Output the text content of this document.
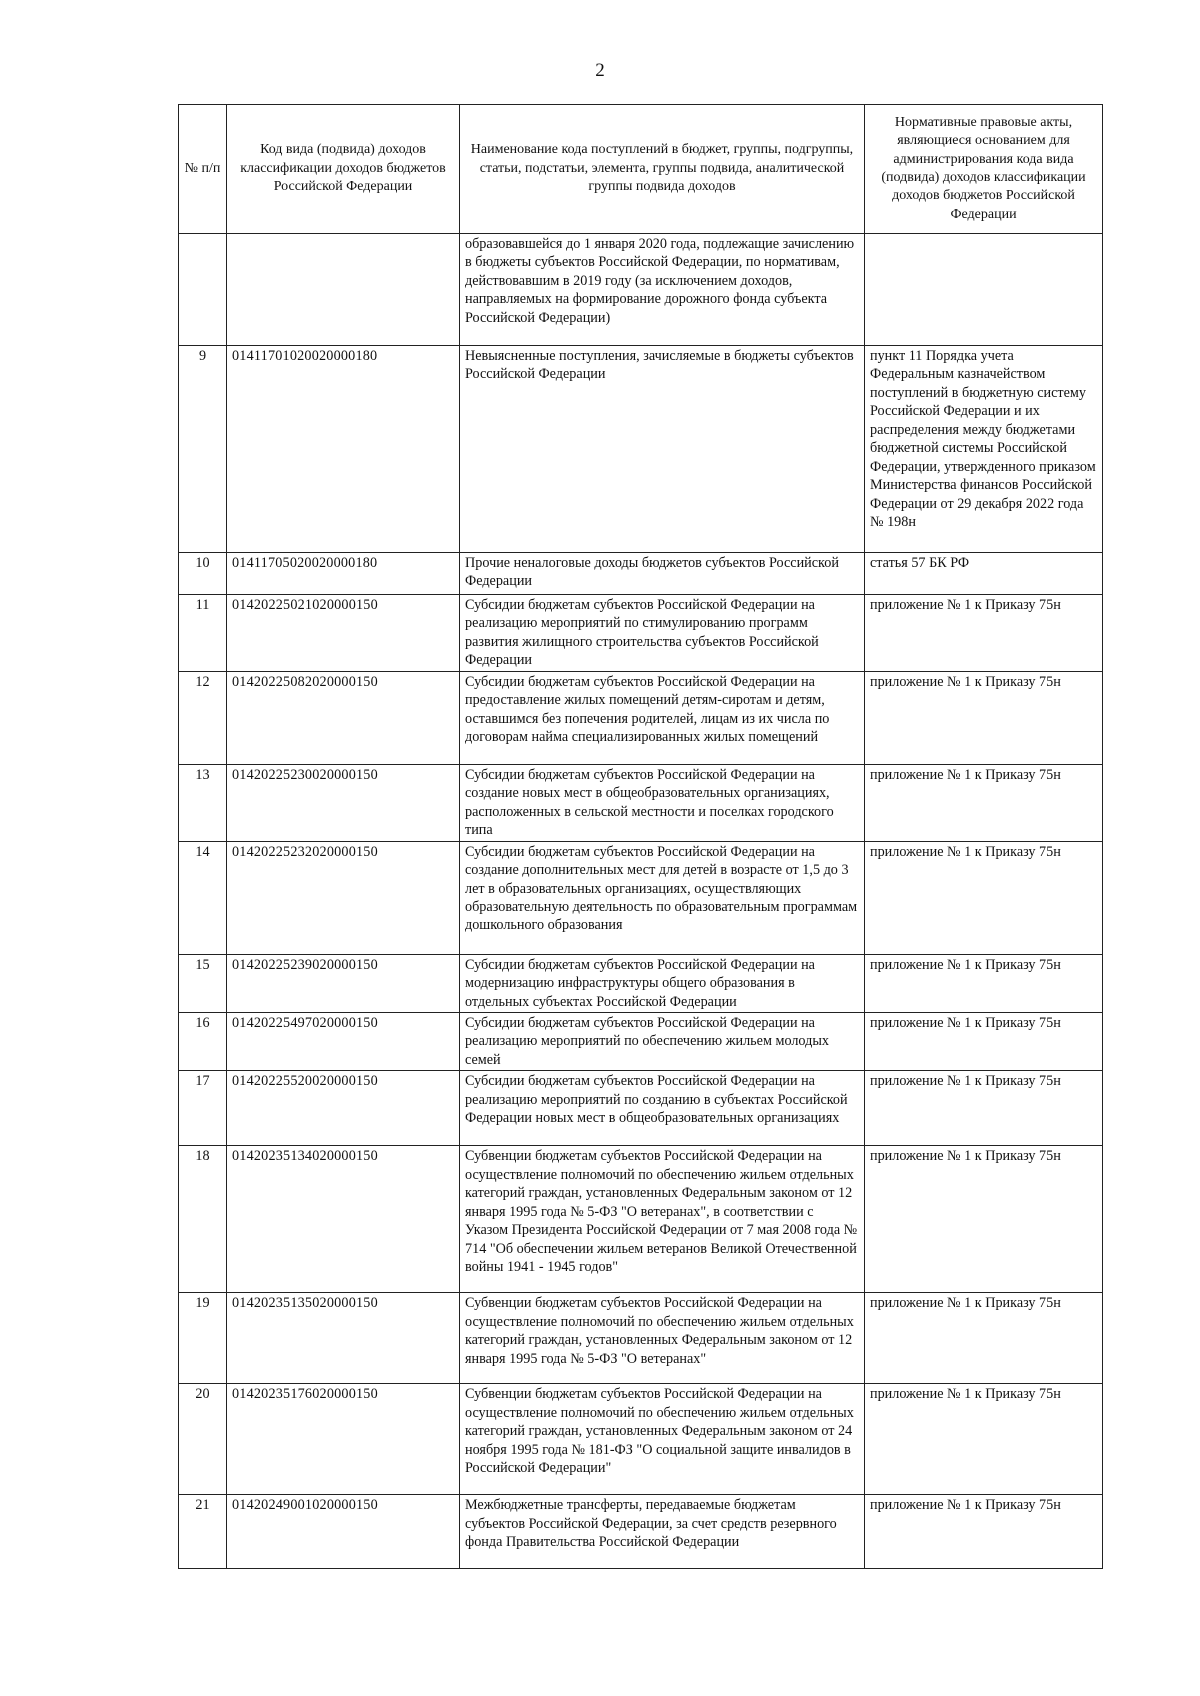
2
№ п/п	Код вида (подвида) доходов классификации доходов бюджетов Российской Федерации	Наименование кода поступлений в бюджет, группы, подгруппы, статьи, подстатьи, элемента, группы подвида, аналитической группы подвида доходов	Нормативные правовые акты, являющиеся основанием для администрирования кода вида (подвида) доходов классификации доходов бюджетов Российской Федерации
		образовавшейся до 1 января 2020 года, подлежащие зачислению в бюджеты субъектов Российской Федерации, по нормативам, действовавшим в 2019 году (за исключением доходов, направляемых на формирование дорожного фонда субъекта Российской Федерации)	
9	01411701020020000180	Невыясненные поступления, зачисляемые в бюджеты субъектов Российской Федерации	пункт 11 Порядка учета Федеральным казначейством поступлений в бюджетную систему Российской Федерации и их распределения между бюджетами бюджетной системы Российской Федерации, утвержденного приказом Министерства финансов Российской Федерации от 29 декабря 2022 года № 198н
10	01411705020020000180	Прочие неналоговые доходы бюджетов субъектов Российской Федерации	статья 57 БК РФ
11	01420225021020000150	Субсидии бюджетам субъектов Российской Федерации на реализацию мероприятий по стимулированию программ развития жилищного строительства субъектов Российской Федерации	приложение № 1 к Приказу 75н
12	01420225082020000150	Субсидии бюджетам субъектов Российской Федерации на предоставление жилых помещений детям-сиротам и детям, оставшимся без попечения родителей, лицам из их числа по договорам найма специализированных жилых помещений	приложение № 1 к Приказу 75н
13	01420225230020000150	Субсидии бюджетам субъектов Российской Федерации на создание новых мест в общеобразовательных организациях, расположенных в сельской местности и поселках городского типа	приложение № 1 к Приказу 75н
14	01420225232020000150	Субсидии бюджетам субъектов Российской Федерации на создание дополнительных мест для детей в возрасте от 1,5 до 3 лет в образовательных организациях, осуществляющих образовательную деятельность по образовательным программам дошкольного образования	приложение № 1 к Приказу 75н
15	01420225239020000150	Субсидии бюджетам субъектов Российской Федерации на модернизацию инфраструктуры общего образования в отдельных субъектах Российской Федерации	приложение № 1 к Приказу 75н
16	01420225497020000150	Субсидии бюджетам субъектов Российской Федерации на реализацию мероприятий по обеспечению жильем молодых семей	приложение № 1 к Приказу 75н
17	01420225520020000150	Субсидии бюджетам субъектов Российской Федерации на реализацию мероприятий по созданию в субъектах Российской Федерации новых мест в общеобразовательных организациях	приложение № 1 к Приказу 75н
18	01420235134020000150	Субвенции бюджетам субъектов Российской Федерации на осуществление полномочий по обеспечению жильем отдельных категорий граждан, установленных Федеральным законом от 12 января 1995 года № 5-ФЗ "О ветеранах", в соответствии с Указом Президента Российской Федерации от 7 мая 2008 года № 714 "Об обеспечении жильем ветеранов Великой Отечественной войны 1941 - 1945 годов"	приложение № 1 к Приказу 75н
19	01420235135020000150	Субвенции бюджетам субъектов Российской Федерации на осуществление полномочий по обеспечению жильем отдельных категорий граждан, установленных Федеральным законом от 12 января 1995 года № 5-ФЗ "О ветеранах"	приложение № 1 к Приказу 75н
20	01420235176020000150	Субвенции бюджетам субъектов Российской Федерации на осуществление полномочий по обеспечению жильем отдельных категорий граждан, установленных Федеральным законом от 24 ноября 1995 года № 181-ФЗ "О социальной защите инвалидов в Российской Федерации"	приложение № 1 к Приказу 75н
21	01420249001020000150	Межбюджетные трансферты, передаваемые бюджетам субъектов Российской Федерации, за счет средств резервного фонда Правительства Российской Федерации	приложение № 1 к Приказу 75н
